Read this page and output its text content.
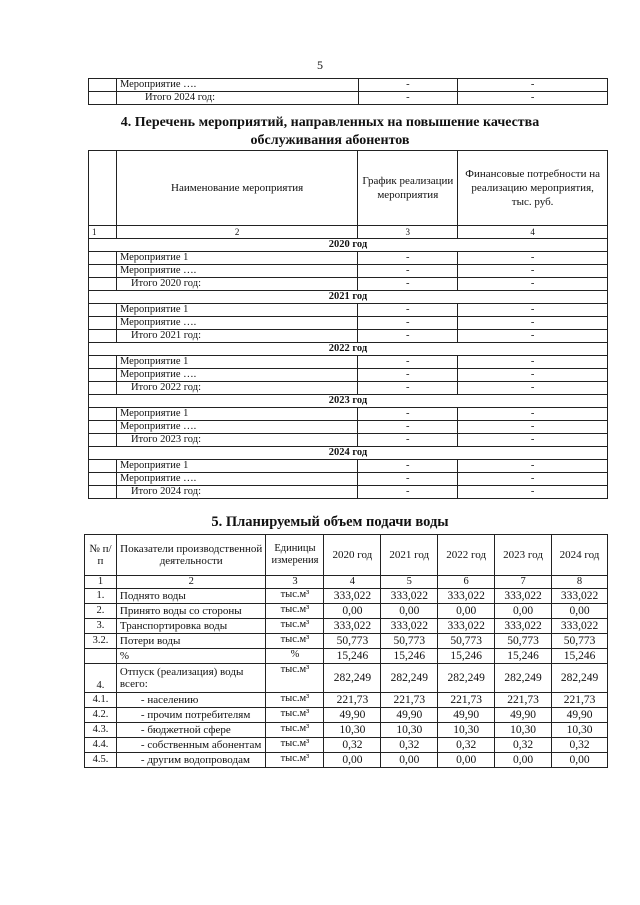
5
	Мероприятие ….	-	-
	Итого 2024 год:	-	-
4. Перечень мероприятий, направленных на повышение качества
обслуживания абонентов
	Наименование мероприятия	График реализации мероприятия	Финансовые потребности на реализацию мероприятия, тыс. руб.
1	2	3	4
2020 год			
	Мероприятие 1	-	-
	Мероприятие ….	-	-
	Итого 2020 год:	-	-
2021 год			
	Мероприятие 1	-	-
	Мероприятие ….	-	-
	Итого 2021 год:	-	-
2022 год			
	Мероприятие 1	-	-
	Мероприятие ….	-	-
	Итого 2022 год:	-	-
2023 год			
	Мероприятие 1	-	-
	Мероприятие ….	-	-
	Итого 2023 год:	-	-
2024 год			
	Мероприятие 1	-	-
	Мероприятие ….	-	-
	Итого 2024 год:	-	-
5. Планируемый объем подачи воды
№ п/п	Показатели производственной деятельности	Единицы измерения	2020 год	2021 год	2022 год	2023 год	2024 год
1	2	3	4	5	6	7	8
1.	Поднято воды	тыс.м³	333,022	333,022	333,022	333,022	333,022
2.	Принято воды со стороны	тыс.м³	0,00	0,00	0,00	0,00	0,00
3.	Транспортировка воды	тыс.м³	333,022	333,022	333,022	333,022	333,022
3.2.	Потери воды	тыс.м³	50,773	50,773	50,773	50,773	50,773
	%	%	15,246	15,246	15,246	15,246	15,246
4.	Отпуск (реализация) воды всего:	тыс.м³	282,249	282,249	282,249	282,249	282,249
4.1.	- населению	тыс.м³	221,73	221,73	221,73	221,73	221,73
4.2.	- прочим потребителям	тыс.м³	49,90	49,90	49,90	49,90	49,90
4.3.	- бюджетной сфере	тыс.м³	10,30	10,30	10,30	10,30	10,30
4.4.	- собственным абонентам	тыс.м³	0,32	0,32	0,32	0,32	0,32
4.5.	- другим водопроводам	тыс.м³	0,00	0,00	0,00	0,00	0,00
